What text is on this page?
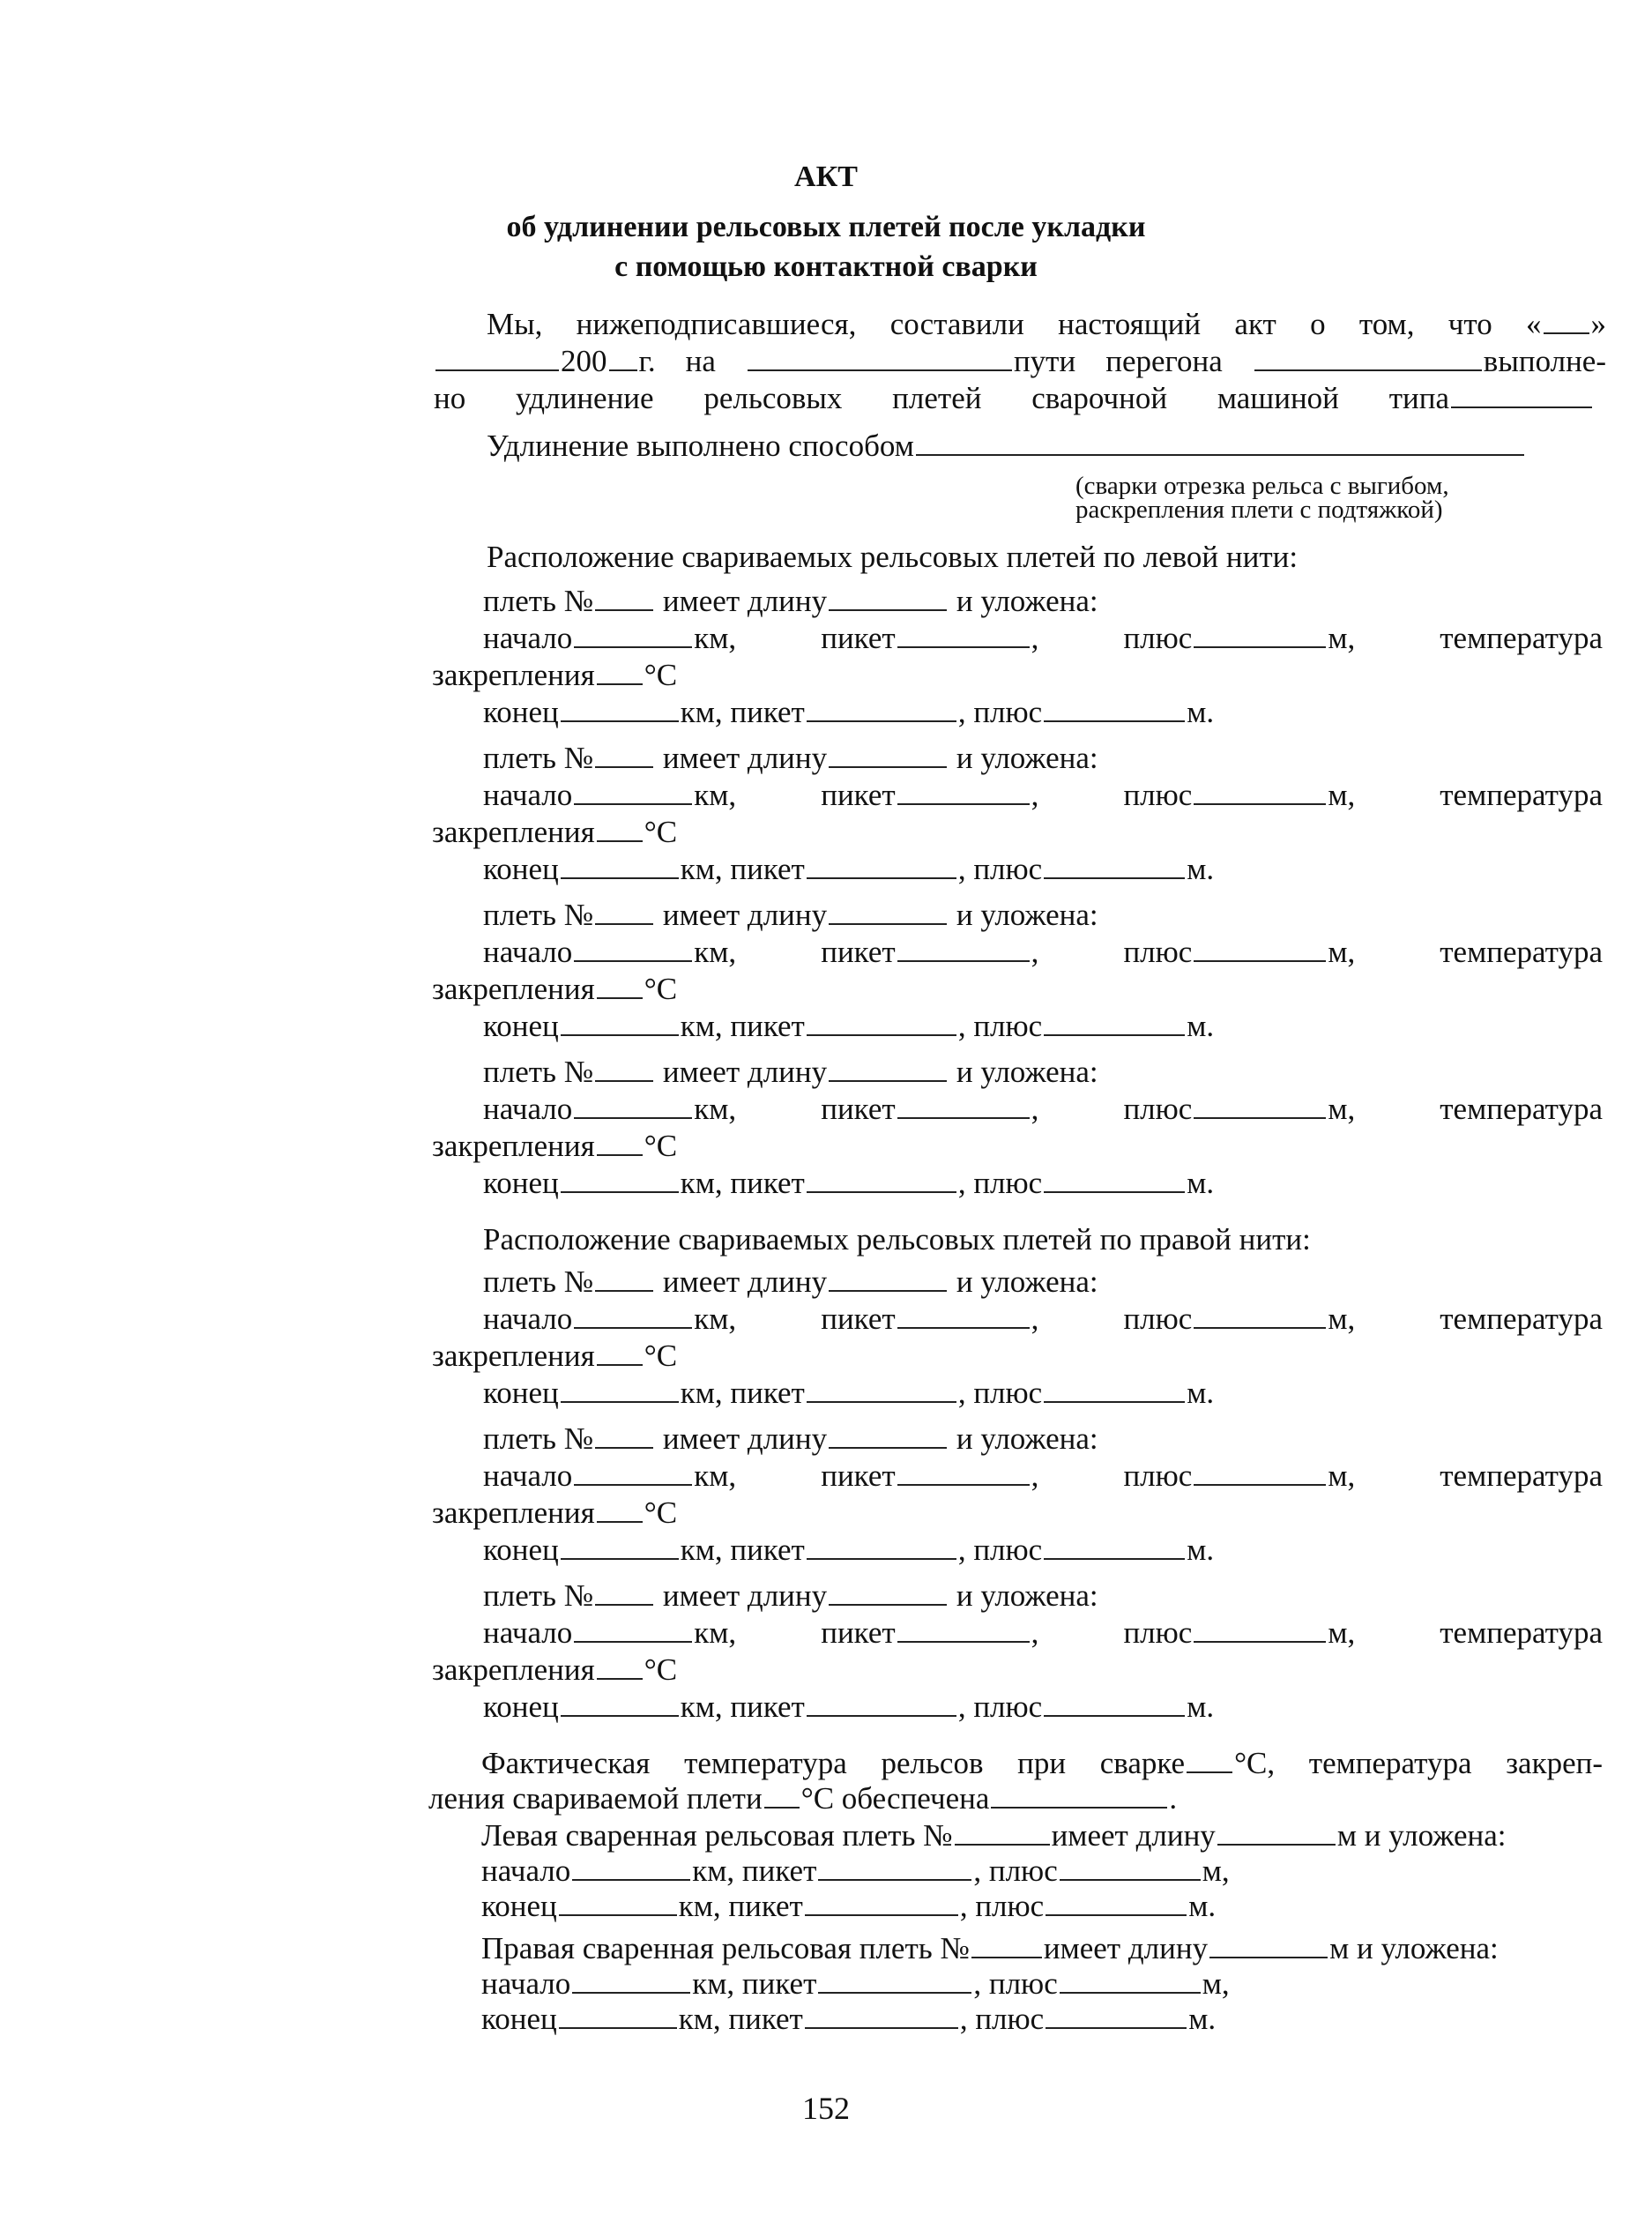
АКТ
об удлинении рельсовых плетей после укладки
с помощью контактной сварки
Мы, нижеподписавшиеся, составили настоящий акт о том, что « »
200 г. на	пути перегона	выполне-
но удлинение рельсовых плетей сварочной машиной типа
Удлинение выполнено способом
(сварки отрезка рельса с выгибом,
раскрепления плети с подтяжкой)
Расположение свариваемых рельсовых плетей по левой нити:
плеть № имеет длину	и уложена:
начало	км, пикет	, плюс	м, температура
закрепления °С
конец	км, пикет	, плюс	м.
плеть № имеет длину	и уложена:
начало	км, пикет	, плюс	м, температура
закрепления °С
конец	км, пикет	, плюс	м.
плеть № имеет длину	и уложена:
начало	км, пикет	, плюс	м, температура
закрепления °С
конец	км, пикет	, плюс	м.
плеть № имеет длину	и уложена:
начало	км, пикет	, плюс	м, температура
закрепления °С
конец	км, пикет	, плюс	м.
Расположение свариваемых рельсовых плетей по правой нити:
плеть № имеет длину	и уложена:
начало	км, пикет	, плюс	м, температура
закрепления °С
конец	км, пикет	, плюс	м.
плеть № имеет длину	и уложена:
начало	км, пикет	, плюс	м, температура
закрепления °С
конец	км, пикет	, плюс	м.
плеть № имеет длину	и уложена:
начало	км, пикет	, плюс	м, температура
закрепления °С
конец	км, пикет	, плюс	м.
Фактическая температура рельсов при сварке °С, температура закреп-
ления свариваемой плети °С обеспечена	.
Левая сваренная рельсовая плеть №	имеет длину	м и уложена:
начало	км, пикет	, плюс	м,
конец	км, пикет	, плюс	м.
Правая сваренная рельсовая плеть № имеет длину	м и уложена:
начало	км, пикет	, плюс	м,
конец	км, пикет	, плюс	м.
152
